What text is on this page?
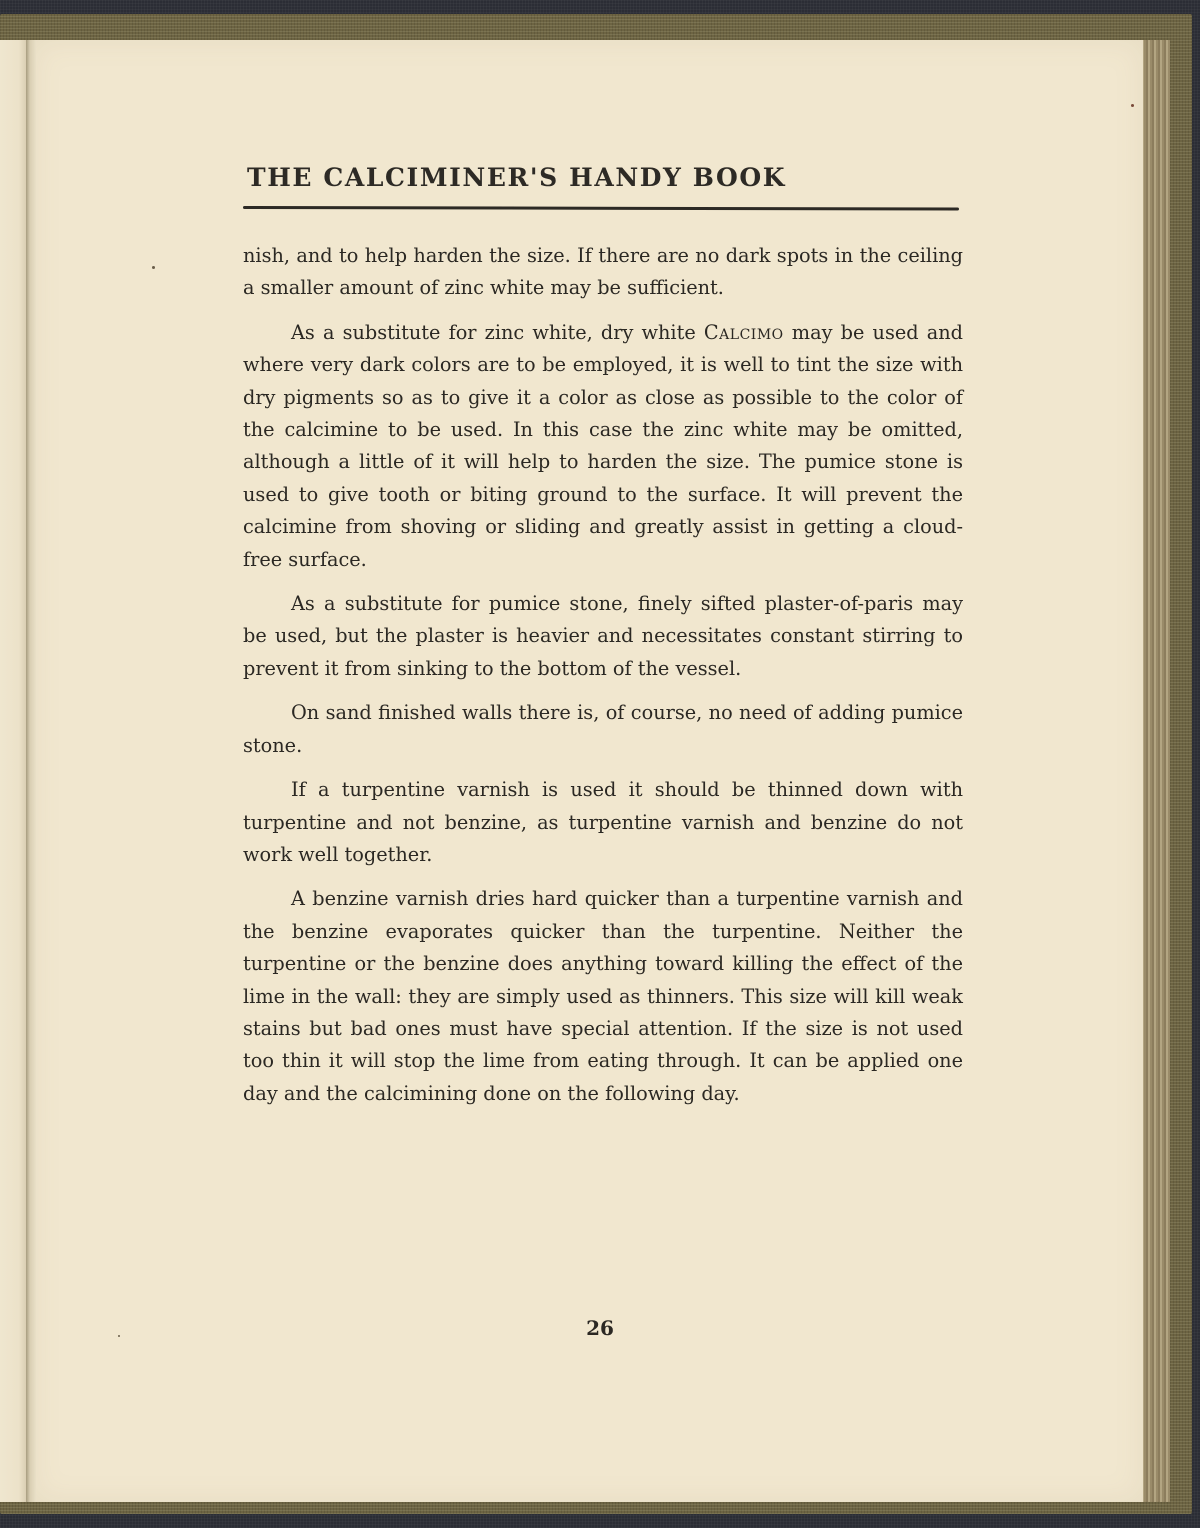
THE CALCIMINER'S HANDY BOOK

nish, and to help harden the size. If there are no dark spots in the ceiling a smaller amount of zinc white may be sufficient.

As a substitute for zinc white, dry white Calcimo may be used and where very dark colors are to be employed, it is well to tint the size with dry pigments so as to give it a color as close as possible to the color of the calcimine to be used. In this case the zinc white may be omitted, although a little of it will help to harden the size. The pumice stone is used to give tooth or biting ground to the surface. It will prevent the calcimine from shoving or sliding and greatly assist in getting a cloud-free surface.

As a substitute for pumice stone, finely sifted plaster-of-paris may be used, but the plaster is heavier and necessitates constant stirring to prevent it from sinking to the bottom of the vessel.

On sand finished walls there is, of course, no need of adding pumice stone.

If a turpentine varnish is used it should be thinned down with turpentine and not benzine, as turpentine varnish and benzine do not work well together.

A benzine varnish dries hard quicker than a turpentine varnish and the benzine evaporates quicker than the turpentine. Neither the turpentine or the benzine does anything toward killing the effect of the lime in the wall: they are simply used as thinners. This size will kill weak stains but bad ones must have special attention. If the size is not used too thin it will stop the lime from eating through. It can be applied one day and the calcimining done on the following day.

26
